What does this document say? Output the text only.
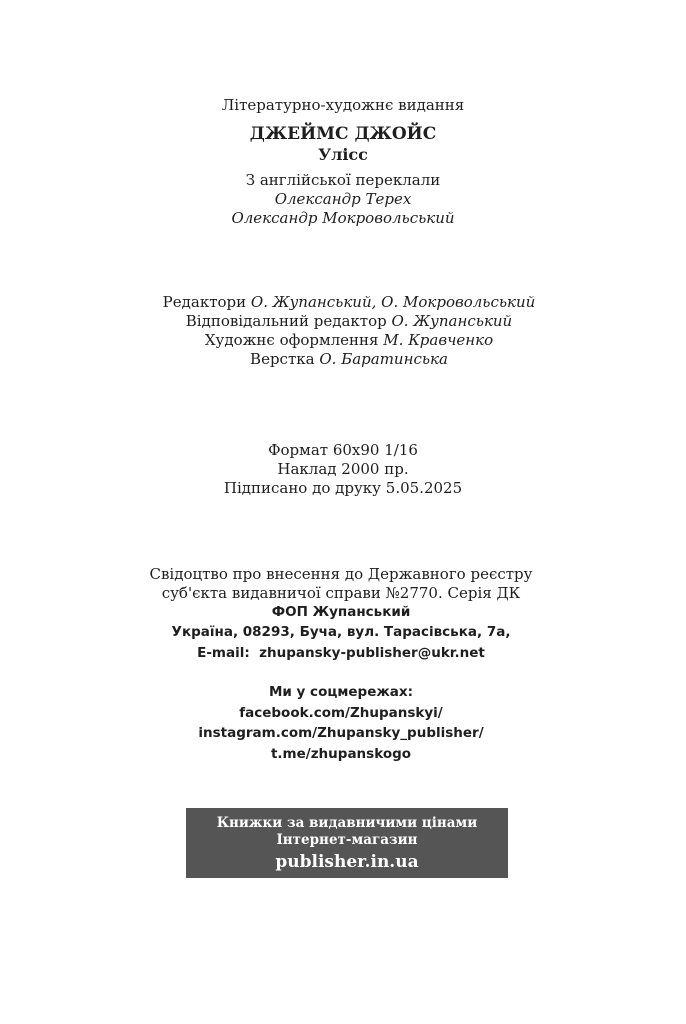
Літературно-художнє видання
ДЖЕЙМС ДЖОЙС
Улісс
З англійської переклали
Олександр Терех
Олександр Мокровольський
Редактори О. Жупанський, О. Мокровольський
Відповідальний редактор О. Жупанський
Художнє оформлення М. Кравченко
Верстка О. Баратинська
Формат 60х90 1/16
Наклад 2000 пр.
Підписано до друку 5.05.2025
Свідоцтво про внесення до Державного реєстру
суб'єкта видавничої справи №2770. Серія ДК
ФОП Жупанський
Україна, 08293, Буча, вул. Тарасівська, 7а,
E-mail: zhupansky-publisher@ukr.net
Ми у соцмережах:
facebook.com/Zhupanskyi/
instagram.com/Zhupansky_publisher/
t.me/zhupanskogo
Книжки за видавничими цінами
Інтернет-магазин
publisher.in.ua
